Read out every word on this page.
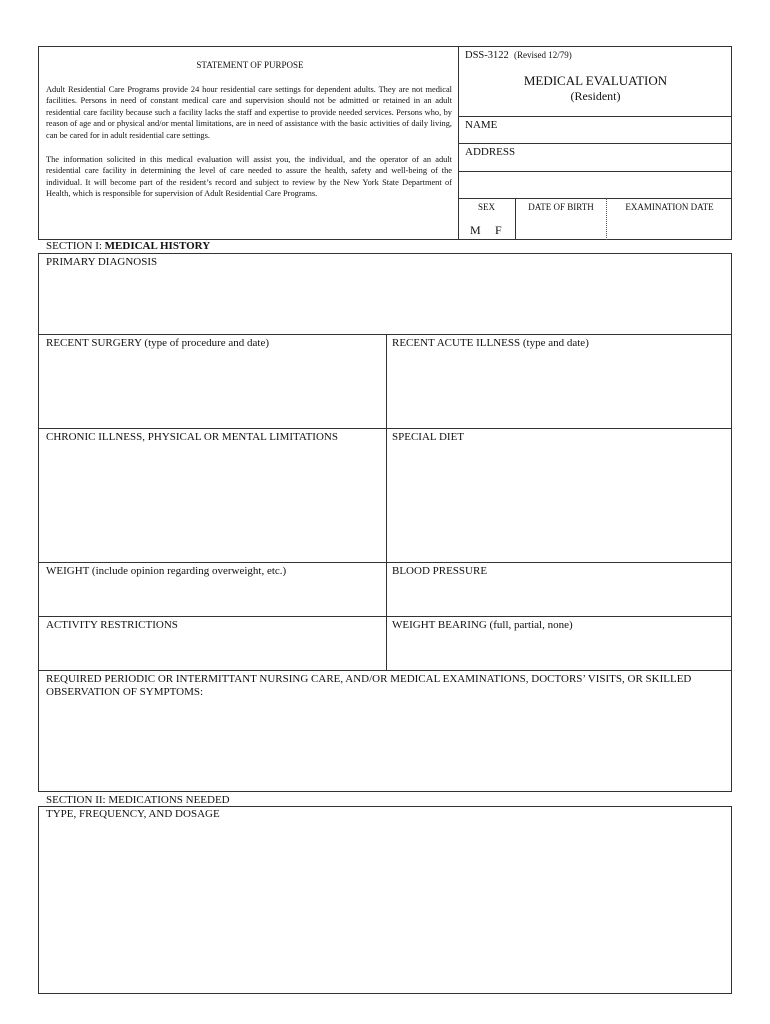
STATEMENT OF PURPOSE
Adult Residential Care Programs provide 24 hour residential care settings for dependent adults. They are not medical facilities. Persons in need of constant medical care and supervision should not be admitted or retained in an adult residential care facility because such a facility lacks the staff and expertise to provide needed services. Persons who, by reason of age and or physical and/or mental limitations, are in need of assistance with the basic activities of daily living, can be cared for in adult residential care settings.
The information solicited in this medical evaluation will assist you, the individual, and the operator of an adult residential care facility in determining the level of care needed to assure the health, safety and well-being of the individual. It will become part of the resident’s record and subject to review by the New York State Department of Health, which is responsible for supervision of Adult Residential Care Programs.
DSS-3122 (Revised 12/79)
MEDICAL EVALUATION
(Resident)
NAME
ADDRESS
SEX
M F
DATE OF BIRTH	EXAMINATION DATE
SECTION I: MEDICAL HISTORY
PRIMARY DIAGNOSIS
RECENT SURGERY (type of procedure and date)	RECENT ACUTE ILLNESS (type and date)
CHRONIC ILLNESS, PHYSICAL OR MENTAL LIMITATIONS	SPECIAL DIET
WEIGHT (include opinion regarding overweight, etc.)	BLOOD PRESSURE
ACTIVITY RESTRICTIONS	WEIGHT BEARING (full, partial, none)
REQUIRED PERIODIC OR INTERMITTANT NURSING CARE, AND/OR MEDICAL EXAMINATIONS, DOCTORS’ VISITS, OR SKILLED
OBSERVATION OF SYMPTOMS:
SECTION II: MEDICATIONS NEEDED
TYPE, FREQUENCY, AND DOSAGE
